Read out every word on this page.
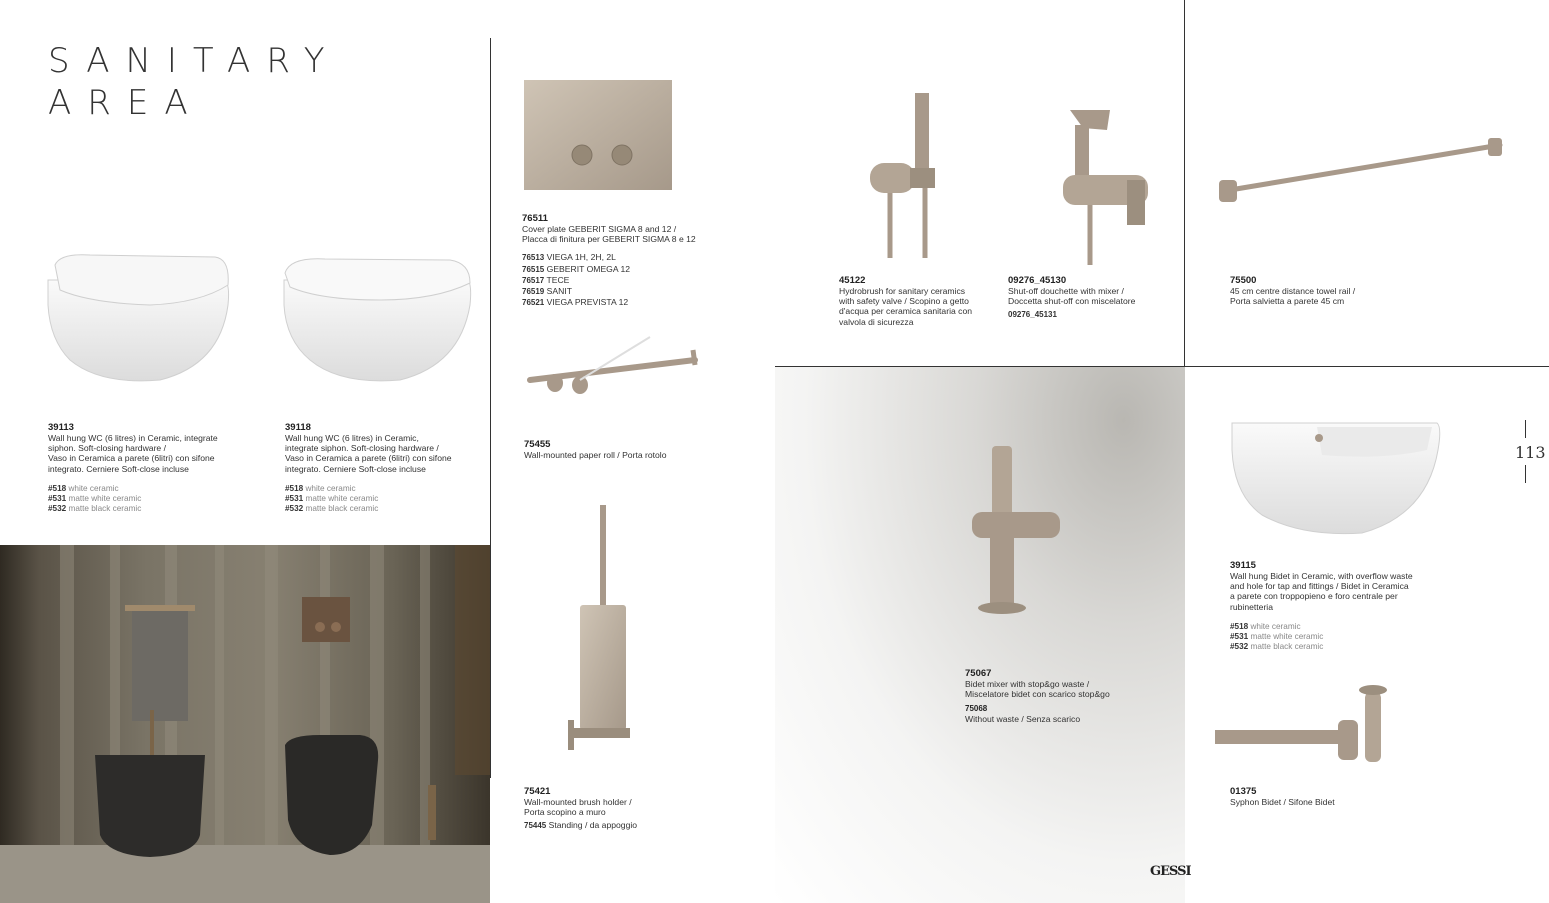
SANITARY
AREA
39113
Wall hung WC (6 litres) in Ceramic, integrate
siphon. Soft-closing hardware /
Vaso in Ceramica a parete (6litri) con sifone
integrato. Cerniere Soft-close incluse
#518 white ceramic
#531 matte white ceramic
#532 matte black ceramic
39118
Wall hung WC (6 litres) in Ceramic,
integrate siphon. Soft-closing hardware /
Vaso in Ceramica a parete (6litri) con sifone
integrato. Cerniere Soft-close incluse
#518 white ceramic
#531 matte white ceramic
#532 matte black ceramic
76511
Cover plate GEBERIT SIGMA 8 and 12 /
Placca di finitura per GEBERIT SIGMA 8 e 12
76513 VIEGA 1H, 2H, 2L
76515 GEBERIT OMEGA 12
76517 TECE
76519 SANIT
76521 VIEGA PREVISTA 12
75455
Wall-mounted paper roll / Porta rotolo
75421
Wall-mounted brush holder /
Porta scopino a muro
75445 Standing / da appoggio
45122
Hydrobrush for sanitary ceramics
with safety valve / Scopino a getto
d'acqua per ceramica sanitaria con
valvola di sicurezza
09276_45130
Shut-off douchette with mixer /
Doccetta shut-off con miscelatore
09276_45131
75500
45 cm centre distance towel rail /
Porta salvietta a parete 45 cm
75067
Bidet mixer with stop&go waste /
Miscelatore bidet con scarico stop&go
75068
Without waste / Senza scarico
39115
Wall hung Bidet in Ceramic, with overflow waste
and hole for tap and fittings / Bidet in Ceramica
a parete con troppopieno e foro centrale per
rubinetteria
#518 white ceramic
#531 matte white ceramic
#532 matte black ceramic
01375
Syphon Bidet / Sifone Bidet
113
GESSI
